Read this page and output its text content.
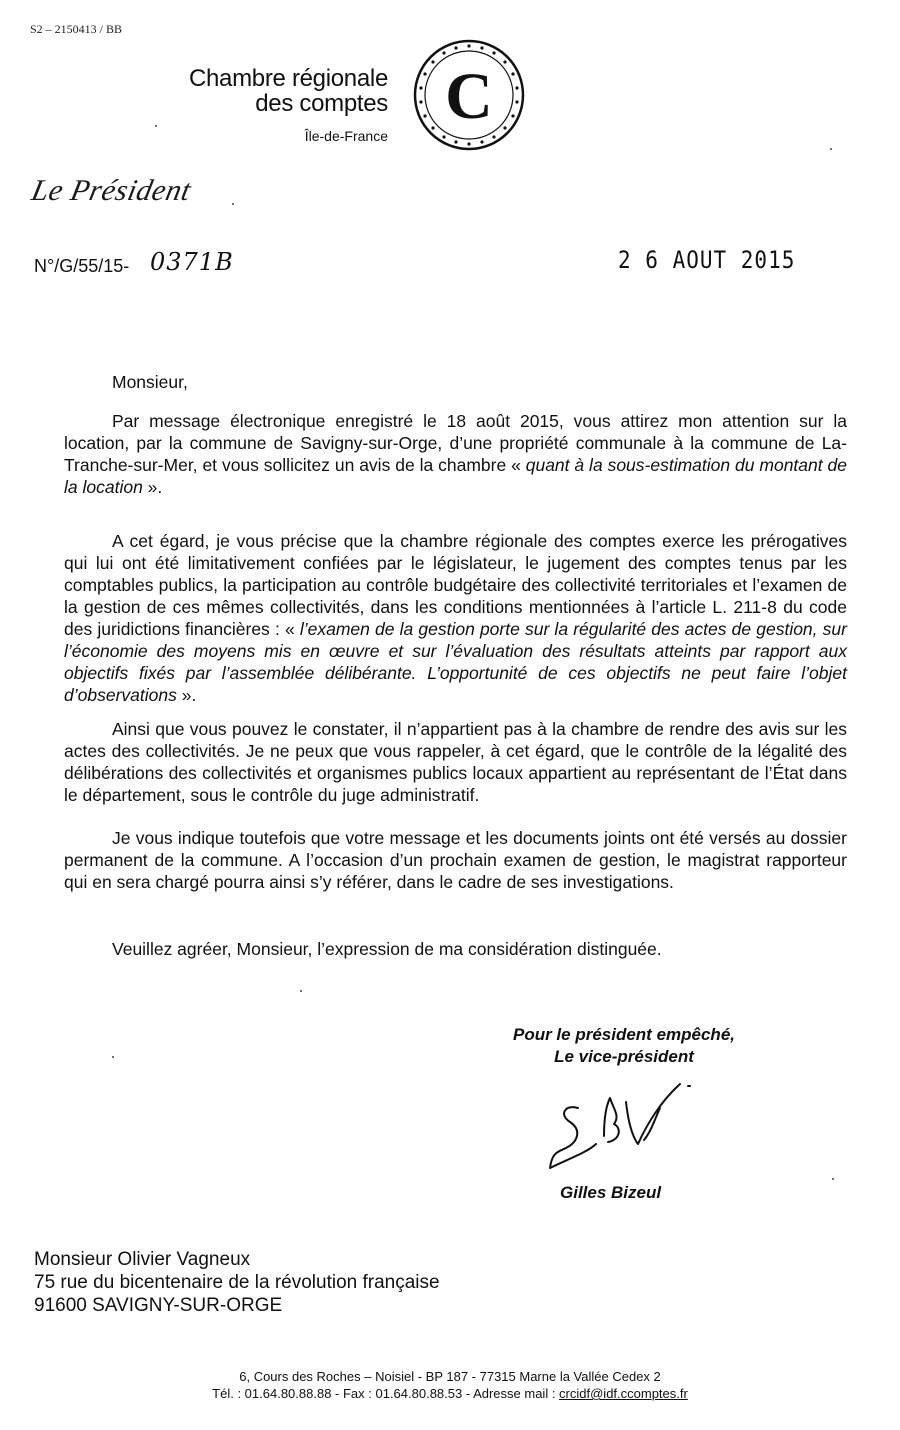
S2 – 2150413 / BB
Chambre régionale
des comptes
Île-de-France
C
Le Président
N°/G/55/15- 0371B	2 6 AOUT 2015
Monsieur,

Par message électronique enregistré le 18 août 2015, vous attirez mon attention sur la location, par la commune de Savigny-sur-Orge, d’une propriété communale à la commune de La-Tranche-sur-Mer, et vous sollicitez un avis de la chambre « quant à la sous-estimation du montant de la location ».

A cet égard, je vous précise que la chambre régionale des comptes exerce les prérogatives qui lui ont été limitativement confiées par le législateur, le jugement des comptes tenus par les comptables publics, la participation au contrôle budgétaire des collectivité territoriales et l’examen de la gestion de ces mêmes collectivités, dans les conditions mentionnées à l’article L. 211-8 du code des juridictions financières : « l’examen de la gestion porte sur la régularité des actes de gestion, sur l’économie des moyens mis en œuvre et sur l’évaluation des résultats atteints par rapport aux objectifs fixés par l’assemblée délibérante. L’opportunité de ces objectifs ne peut faire l’objet d’observations ».

Ainsi que vous pouvez le constater, il n’appartient pas à la chambre de rendre des avis sur les actes des collectivités. Je ne peux que vous rappeler, à cet égard, que le contrôle de la légalité des délibérations des collectivités et organismes publics locaux appartient au représentant de l’État dans le département, sous le contrôle du juge administratif.

Je vous indique toutefois que votre message et les documents joints ont été versés au dossier permanent de la commune. A l’occasion d’un prochain examen de gestion, le magistrat rapporteur qui en sera chargé pourra ainsi s’y référer, dans le cadre de ses investigations.

Veuillez agréer, Monsieur, l’expression de ma considération distinguée.

Pour le président empêché,
Le vice-président
Gilles Bizeul
Monsieur Olivier Vagneux
75 rue du bicentenaire de la révolution française
91600 SAVIGNY-SUR-ORGE
6, Cours des Roches – Noisiel - BP 187 - 77315 Marne la Vallée Cedex 2
Tél. : 01.64.80.88.88 - Fax : 01.64.80.88.53 - Adresse mail : crcidf@idf.ccomptes.fr
